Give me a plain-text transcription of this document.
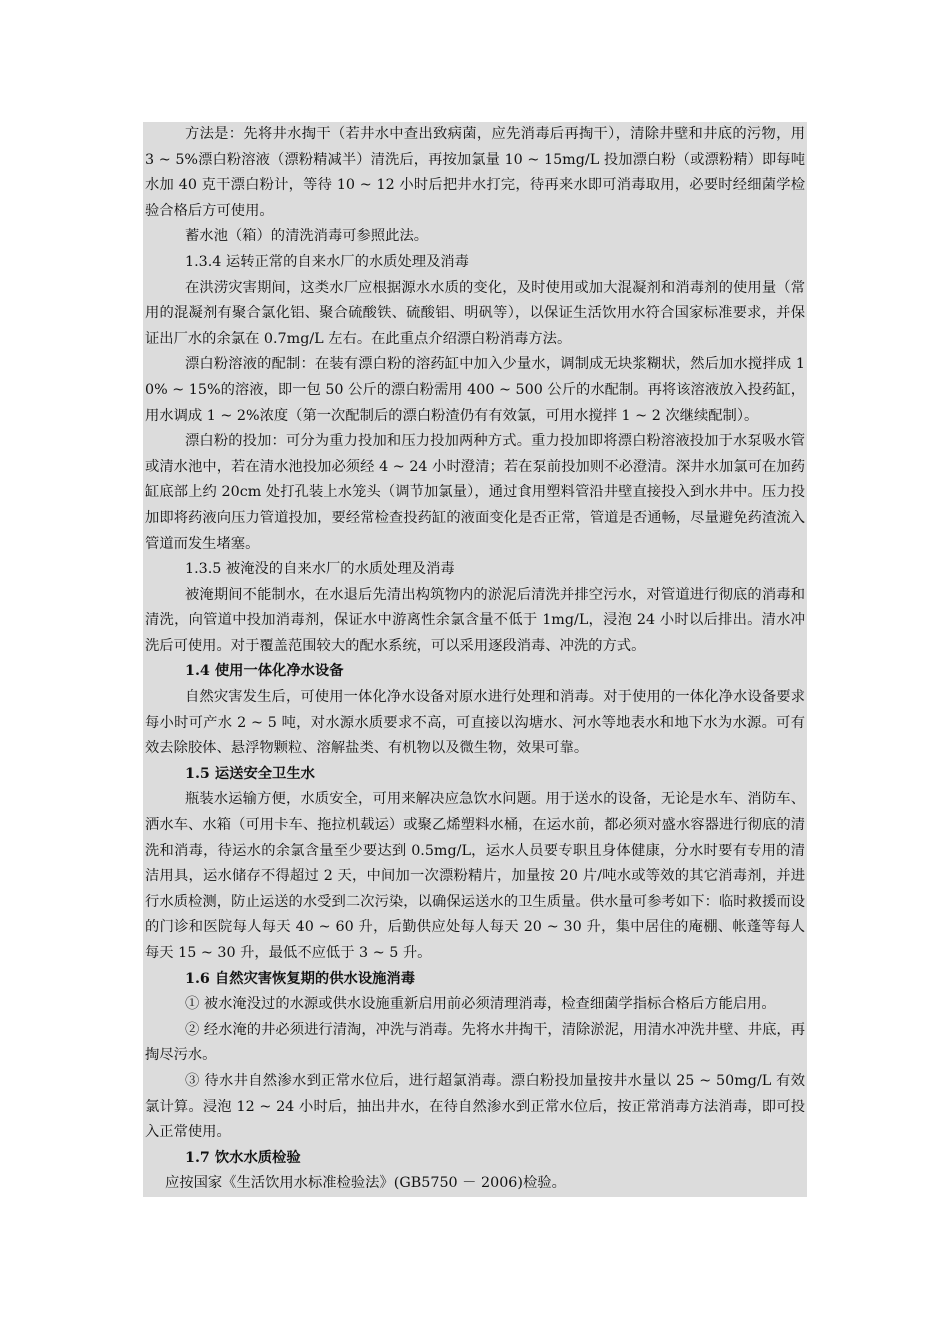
方法是：先将井水掏干（若井水中查出致病菌，应先消毒后再掏干），清除井壁和井底的污物，用 3 ~ 5%漂白粉溶液（漂粉精减半）清洗后，再按加氯量 10 ~ 15mg/L 投加漂白粉（或漂粉精）即每吨水加 40 克干漂白粉计，等待 10 ~ 12 小时后把井水打完，待再来水即可消毒取用，必要时经细菌学检验合格后方可使用。

蓄水池（箱）的清洗消毒可参照此法。

1.3.4 运转正常的自来水厂的水质处理及消毒

在洪涝灾害期间，这类水厂应根据源水水质的变化，及时使用或加大混凝剂和消毒剂的使用量（常用的混凝剂有聚合氯化铝、聚合硫酸铁、硫酸铝、明矾等），以保证生活饮用水符合国家标准要求，并保证出厂水的余氯在 0.7mg/L 左右。在此重点介绍漂白粉消毒方法。

漂白粉溶液的配制：在装有漂白粉的溶药缸中加入少量水，调制成无块浆糊状，然后加水搅拌成 10% ~ 15%的溶液，即一包 50 公斤的漂白粉需用 400 ~ 500 公斤的水配制。再将该溶液放入投药缸，用水调成 1 ~ 2%浓度（第一次配制后的漂白粉渣仍有有效氯，可用水搅拌 1 ~ 2 次继续配制）。

漂白粉的投加：可分为重力投加和压力投加两种方式。重力投加即将漂白粉溶液投加于水泵吸水管或清水池中，若在清水池投加必须经 4 ~ 24 小时澄清；若在泵前投加则不必澄清。深井水加氯可在加药缸底部上约 20cm 处打孔装上水笼头（调节加氯量），通过食用塑料管沿井壁直接投入到水井中。压力投加即将药液向压力管道投加，要经常检查投药缸的液面变化是否正常，管道是否通畅，尽量避免药渣流入管道而发生堵塞。

1.3.5 被淹没的自来水厂的水质处理及消毒

被淹期间不能制水，在水退后先清出构筑物内的淤泥后清洗并排空污水，对管道进行彻底的消毒和清洗，向管道中投加消毒剂，保证水中游离性余氯含量不低于 1mg/L，浸泡 24 小时以后排出。清水冲洗后可使用。对于覆盖范围较大的配水系统，可以采用逐段消毒、冲洗的方式。

1.4 使用一体化净水设备

自然灾害发生后，可使用一体化净水设备对原水进行处理和消毒。对于使用的一体化净水设备要求每小时可产水 2 ~ 5 吨，对水源水质要求不高，可直接以沟塘水、河水等地表水和地下水为水源。可有效去除胶体、悬浮物颗粒、溶解盐类、有机物以及微生物，效果可靠。

1.5 运送安全卫生水

瓶装水运输方便，水质安全，可用来解决应急饮水问题。用于送水的设备，无论是水车、消防车、洒水车、水箱（可用卡车、拖拉机载运）或聚乙烯塑料水桶，在运水前，都必须对盛水容器进行彻底的清洗和消毒，待运水的余氯含量至少要达到 0.5mg/L，运水人员要专职且身体健康，分水时要有专用的清洁用具，运水储存不得超过 2 天，中间加一次漂粉精片，加量按 20 片/吨水或等效的其它消毒剂，并进行水质检测，防止运送的水受到二次污染，以确保运送水的卫生质量。供水量可参考如下：临时救援而设的门诊和医院每人每天 40 ~ 60 升，后勤供应处每人每天 20 ~ 30 升，集中居住的庵棚、帐蓬等每人每天 15 ~ 30 升，最低不应低于 3 ~ 5 升。

1.6 自然灾害恢复期的供水设施消毒

① 被水淹没过的水源或供水设施重新启用前必须清理消毒，检查细菌学指标合格后方能启用。

② 经水淹的井必须进行清淘，冲洗与消毒。先将水井掏干，清除淤泥，用清水冲洗井壁、井底，再掏尽污水。

③ 待水井自然渗水到正常水位后，进行超氯消毒。漂白粉投加量按井水量以 25 ~ 50mg/L 有效氯计算。浸泡 12 ~ 24 小时后，抽出井水，在待自然渗水到正常水位后，按正常消毒方法消毒，即可投入正常使用。

1.7 饮水水质检验

应按国家《生活饮用水标准检验法》(GB5750 － 2006)检验。
